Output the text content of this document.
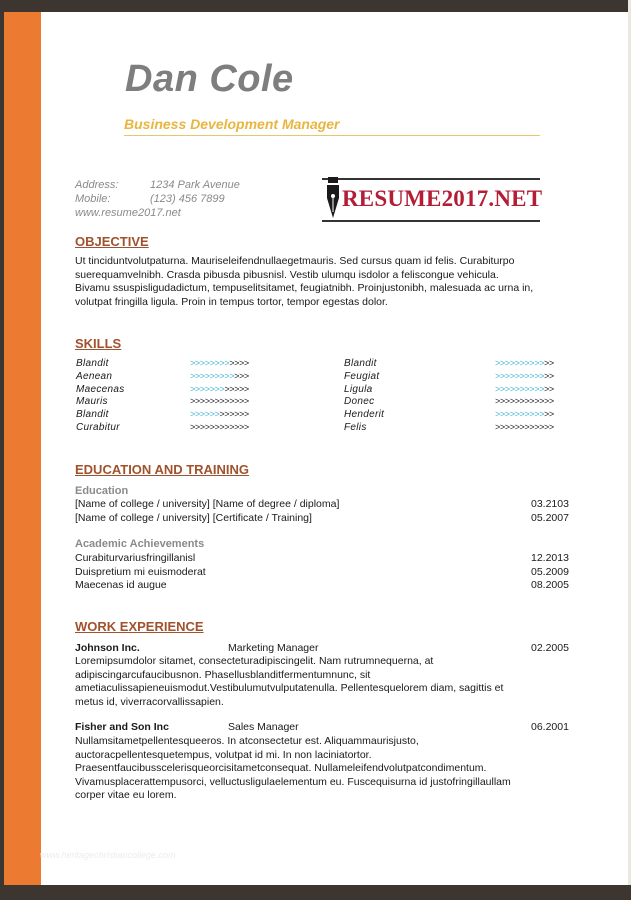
Dan Cole
Business Development Manager
Address:	1234 Park Avenue
Mobile:	(123) 456 7899
www.resume2017.net
RESUME2017.NET
OBJECTIVE
Ut tinciduntvolutpaturna. Mauriseleifendnullaegetmauris. Sed cursus quam id felis. Curabiturpo
suerequamvelnibh. Crasda pibusda pibusnisl. Vestib ulumqu isdolor a feliscongue vehicula.
Bivamu ssuspisligudadictum, tempuselitsitamet, feugiatnibh. Proinjustonibh, malesuada ac urna in,
volutpat fringilla ligula. Proin in tempus tortor, tempor egestas dolor.
SKILLS
Blandit	>>>>>>>>>>>>
Aenean	>>>>>>>>>>>>
Maecenas	>>>>>>>>>>>>
Mauris	>>>>>>>>>>>>
Blandit	>>>>>>>>>>>>
Curabitur	>>>>>>>>>>>>
Blandit	>>>>>>>>>>>>
Feugiat	>>>>>>>>>>>>
Ligula	>>>>>>>>>>>>
Donec	>>>>>>>>>>>>
Henderit	>>>>>>>>>>>>
Felis	>>>>>>>>>>>>
EDUCATION AND TRAINING
Education
[Name of college / university] [Name of degree / diploma]	03.2103
[Name of college / university] [Certificate / Training]	05.2007
Academic Achievements
Curabiturvariusfringillanisl	12.2013
Duispretium mi euismoderat	05.2009
Maecenas id augue	08.2005
WORK EXPERIENCE
Johnson Inc.	Marketing Manager	02.2005
Loremipsumdolor sitamet, consecteturadipiscingelit. Nam rutrumnequerna, at
adipiscingarcufaucibusnon. Phasellusblanditfermentumnunc, sit
ametiaculissapieneuismodut.Vestibulumutvulputatenulla. Pellentesquelorem diam, sagittis et
metus id, viverracorvallissapien.
Fisher and Son Inc	Sales Manager	06.2001
Nullamsitametpellentesqueeros. In atconsectetur est. Aliquammaurisjusto,
auctoracpellentesquetempus, volutpat id mi. In non laciniatortor.
Praesentfaucibusscelerisqueorcisitametconsequat. Nullameleifendvolutpatcondimentum.
Vivamusplacerattempusorci, velluctusligulaelementum eu. Fuscequisurna id justofringillaullam
corper vitae eu lorem.
www.heritagechristiancollege.com
